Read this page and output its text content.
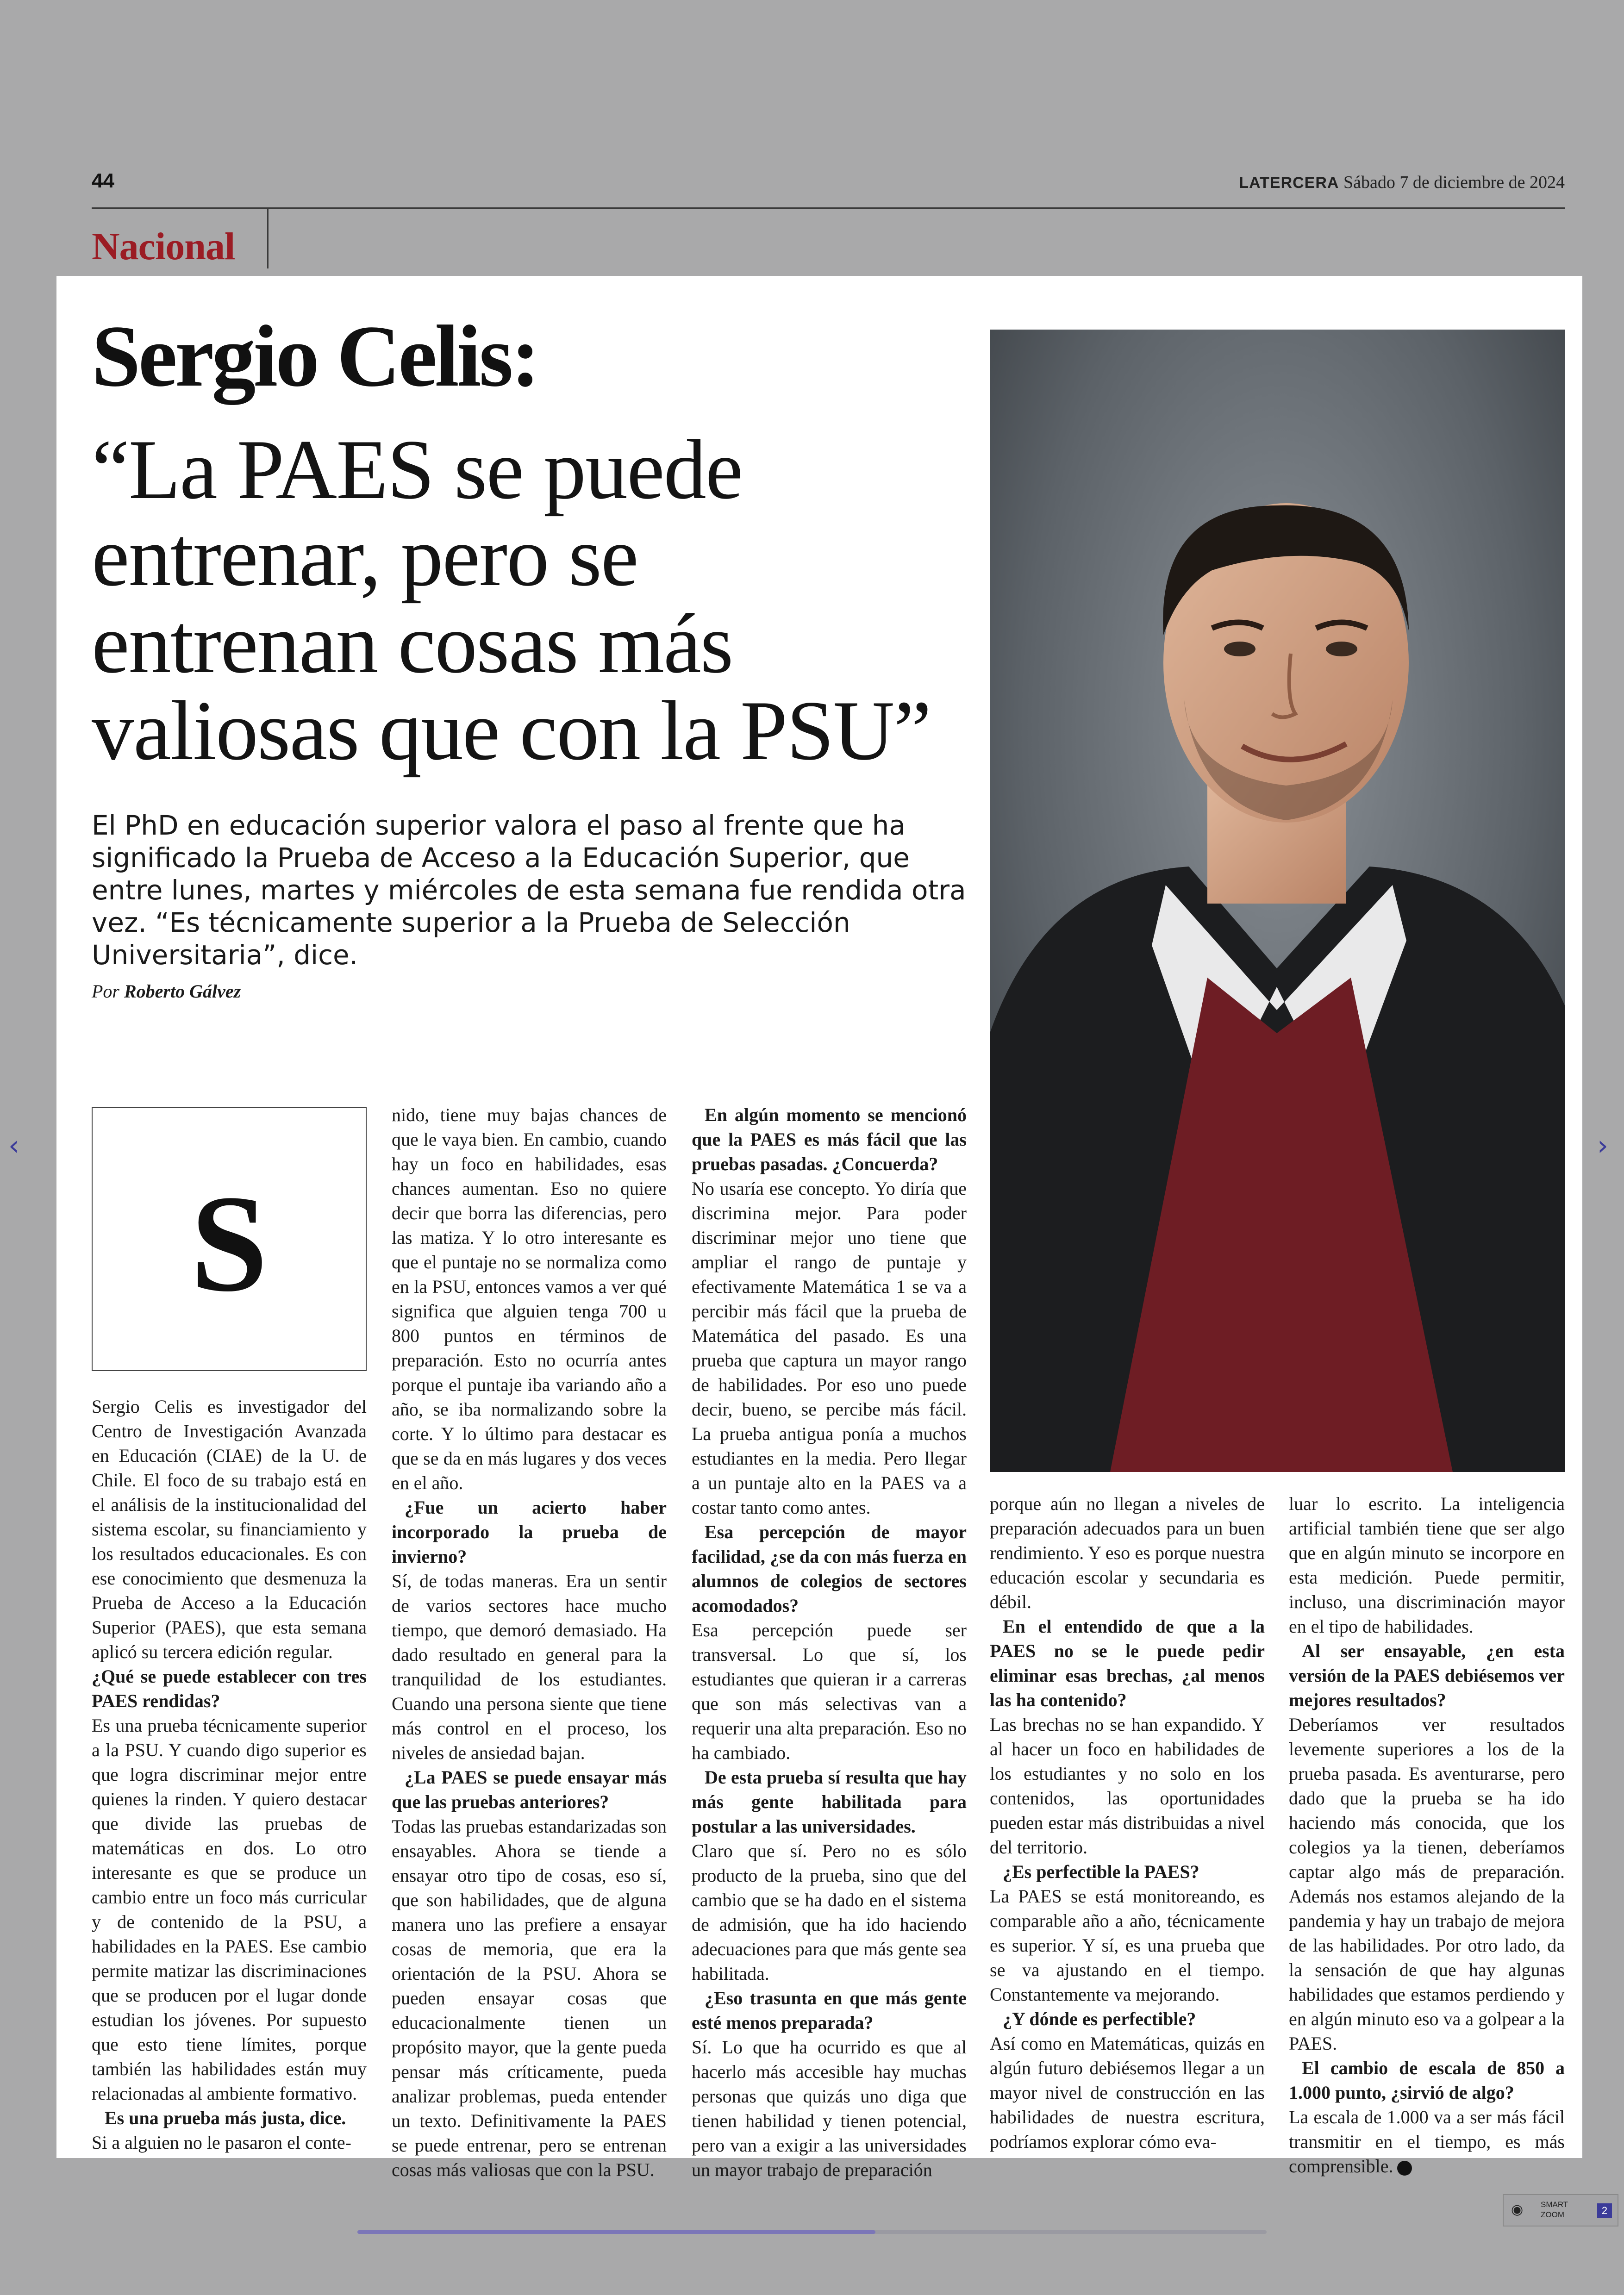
44	LATERCERA Sábado 7 de diciembre de 2024
Nacional
Sergio Celis:
“La PAES se puede
entrenar, pero se
entrenan cosas más
valiosas que con la PSU”
El PhD en educación superior valora el paso al frente que ha significado la Prueba de Acceso a la Educación Superior, que entre lunes, martes y miércoles de esta semana fue rendida otra vez. “Es técnicamente superior a la Prueba de Selección Universitaria”, dice.
Por Roberto Gálvez
S

Sergio Celis es investigador del Centro de Investigación Avanzada en Educación (CIAE) de la U. de Chile. El foco de su trabajo está en el análisis de la institucionalidad del sistema escolar, su financiamiento y los resultados educacionales. Es con ese conocimiento que desmenuza la Prueba de Acceso a la Educación Superior (PAES), que esta semana aplicó su tercera edición regular.

¿Qué se puede establecer con tres PAES rendidas?

Es una prueba técnicamente superior a la PSU. Y cuando digo superior es que logra discriminar mejor entre quienes la rinden. Y quiero destacar que divide las pruebas de matemáticas en dos. Lo otro interesante es que se produce un cambio entre un foco más curricular y de contenido de la PSU, a habilidades en la PAES. Ese cambio permite matizar las discriminaciones que se producen por el lugar donde estudian los jóvenes. Por supuesto que esto tiene límites, porque también las habilidades están muy relacionadas al ambiente formativo.

Es una prueba más justa, dice.

Si a alguien no le pasaron el conte-

nido, tiene muy bajas chances de que le vaya bien. En cambio, cuando hay un foco en habilidades, esas chances aumentan. Eso no quiere decir que borra las diferencias, pero las matiza. Y lo otro interesante es que el puntaje no se normaliza como en la PSU, entonces vamos a ver qué significa que alguien tenga 700 u 800 puntos en términos de preparación. Esto no ocurría antes porque el puntaje iba variando año a año, se iba normalizando sobre la corte. Y lo último para destacar es que se da en más lugares y dos veces en el año.

¿Fue un acierto haber incorporado la prueba de invierno?

Sí, de todas maneras. Era un sentir de varios sectores hace mucho tiempo, que demoró demasiado. Ha dado resultado en general para la tranquilidad de los estudiantes. Cuando una persona siente que tiene más control en el proceso, los niveles de ansiedad bajan.

¿La PAES se puede ensayar más que las pruebas anteriores?

Todas las pruebas estandarizadas son ensayables. Ahora se tiende a ensayar otro tipo de cosas, eso sí, que son habilidades, que de alguna manera uno las prefiere a ensayar cosas de memoria, que era la orientación de la PSU. Ahora se pueden ensayar cosas que educacionalmente tienen un propósito mayor, que la gente pueda pensar más críticamente, pueda analizar problemas, pueda entender un texto. Definitivamente la PAES se puede entrenar, pero se entrenan cosas más valiosas que con la PSU.

En algún momento se mencionó que la PAES es más fácil que las pruebas pasadas. ¿Concuerda?

No usaría ese concepto. Yo diría que discrimina mejor. Para poder discriminar mejor uno tiene que ampliar el rango de puntaje y efectivamente Matemática 1 se va a percibir más fácil que la prueba de Matemática del pasado. Es una prueba que captura un mayor rango de habilidades. Por eso uno puede decir, bueno, se percibe más fácil. La prueba antigua ponía a muchos estudiantes en la media. Pero llegar a un puntaje alto en la PAES va a costar tanto como antes.

Esa percepción de mayor facilidad, ¿se da con más fuerza en alumnos de colegios de sectores acomodados?

Esa percepción puede ser transversal. Lo que sí, los estudiantes que quieran ir a carreras que son más selectivas van a requerir una alta preparación. Eso no ha cambiado.

De esta prueba sí resulta que hay más gente habilitada para postular a las universidades.

Claro que sí. Pero no es sólo producto de la prueba, sino que del cambio que se ha dado en el sistema de admisión, que ha ido haciendo adecuaciones para que más gente sea habilitada.

¿Eso trasunta en que más gente esté menos preparada?

Sí. Lo que ha ocurrido es que al hacerlo más accesible hay muchas personas que quizás uno diga que tienen habilidad y tienen potencial, pero van a exigir a las universidades un mayor trabajo de preparación

porque aún no llegan a niveles de preparación adecuados para un buen rendimiento. Y eso es porque nuestra educación escolar y secundaria es débil.

En el entendido de que a la PAES no se le puede pedir eliminar esas brechas, ¿al menos las ha contenido?

Las brechas no se han expandido. Y al hacer un foco en habilidades de los estudiantes y no solo en los contenidos, las oportunidades pueden estar más distribuidas a nivel del territorio.

¿Es perfectible la PAES?

La PAES se está monitoreando, es comparable año a año, técnicamente es superior. Y sí, es una prueba que se va ajustando en el tiempo. Constantemente va mejorando.

¿Y dónde es perfectible?

Así como en Matemáticas, quizás en algún futuro debiésemos llegar a un mayor nivel de construcción en las habilidades de nuestra escritura, podríamos explorar cómo eva-

luar lo escrito. La inteligencia artificial también tiene que ser algo que en algún minuto se incorpore en esta medición. Puede permitir, incluso, una discriminación mayor en el tipo de habilidades.

Al ser ensayable, ¿en esta versión de la PAES debiésemos ver mejores resultados?

Deberíamos ver resultados levemente superiores a los de la prueba pasada. Es aventurarse, pero dado que la prueba se ha ido haciendo más conocida, que los colegios ya la tienen, deberíamos captar algo más de preparación. Además nos estamos alejando de la pandemia y hay un trabajo de mejora de las habilidades. Por otro lado, da la sensación de que hay algunas habilidades que estamos perdiendo y en algún minuto eso va a golpear a la PAES.

El cambio de escala de 850 a 1.000 punto, ¿sirvió de algo?

La escala de 1.000 va a ser más fácil transmitir en el tiempo, es más comprensible.

‹	›
◉ SMART
ZOOM	2
